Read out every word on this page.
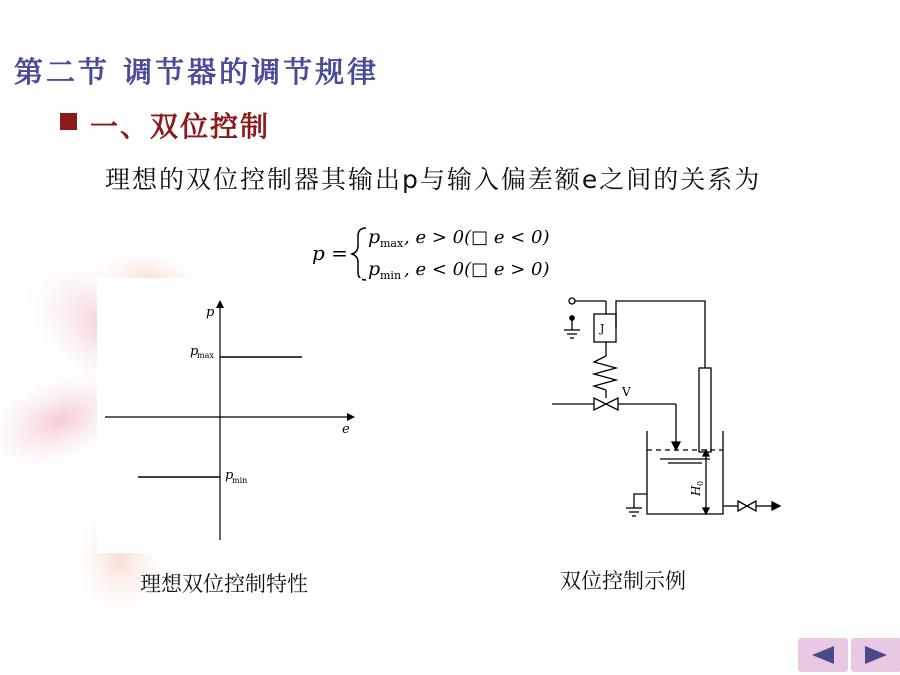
第二节 调节器的调节规律
一、双位控制
理想的双位控制器其输出p与输入偏差额e之间的关系为
p =
p max , e > 0(□ e < 0)
p min , e < 0(□ e > 0)
p
e
p
max
p
min
J
V
H
0
理想双位控制特性	双位控制示例
